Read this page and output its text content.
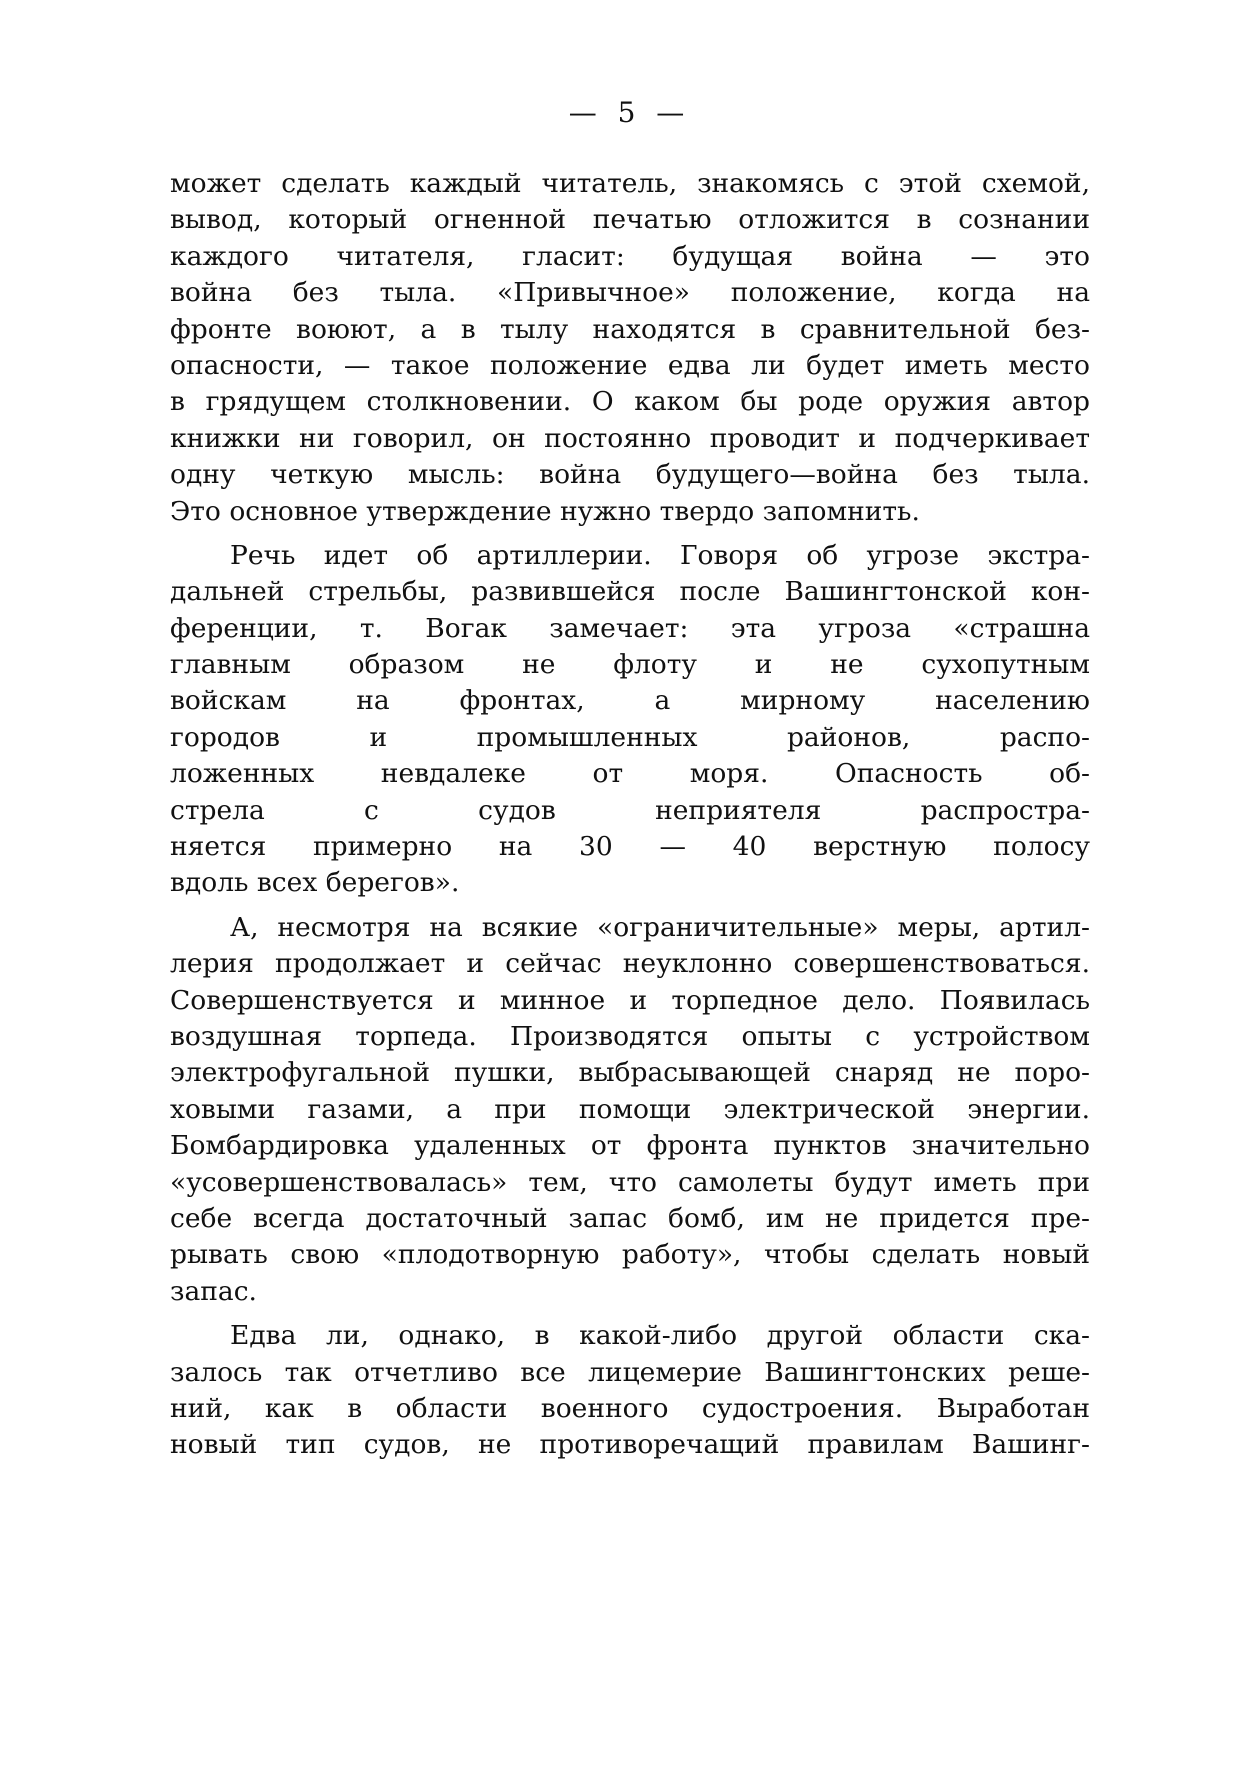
— 5 —
может сделать каждый читатель, знакомясь с этой схемой,
вывод, который огненной печатью отложится в сознании
каждого читателя, гласит: будущая война — это
война без тыла. «Привычное» положение, когда на
фронте воюют, а в тылу находятся в сравнительной без-
опасности, — такое положение едва ли будет иметь место
в грядущем столкновении. О каком бы роде оружия автор
книжки ни говорил, он постоянно проводит и подчеркивает
одну четкую мысль: война будущего—война без тыла.
Это основное утверждение нужно твердо запомнить.
Речь идет об артиллерии. Говоря об угрозе экстра-
дальней стрельбы, развившейся после Вашингтонской кон-
ференции, т. Вогак замечает: эта угроза «страшна
главным образом не флоту и не сухопутным
войскам на фронтах, а мирному населению
городов и промышленных районов, распо-
ложенных невдалеке от моря. Опасность об-
стрела с судов неприятеля распростра-
няется примерно на 30 — 40 верстную полосу
вдоль всех берегов».
А, несмотря на всякие «ограничительные» меры, артил-
лерия продолжает и сейчас неуклонно совершенствоваться.
Совершенствуется и минное и торпедное дело. Появилась
воздушная торпеда. Производятся опыты с устройством
электрофугальной пушки, выбрасывающей снаряд не поро-
ховыми газами, а при помощи электрической энергии.
Бомбардировка удаленных от фронта пунктов значительно
«усовершенствовалась» тем, что самолеты будут иметь при
себе всегда достаточный запас бомб, им не придется пре-
рывать свою «плодотворную работу», чтобы сделать новый
запас.
Едва ли, однако, в какой-либо другой области ска-
залось так отчетливо все лицемерие Вашингтонских реше-
ний, как в области военного судостроения. Выработан
новый тип судов, не противоречащий правилам Вашинг-
